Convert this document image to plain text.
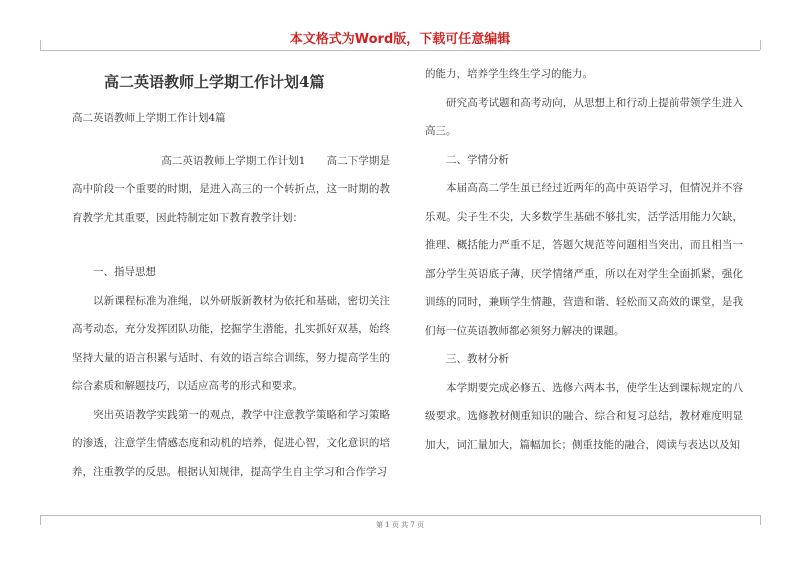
本文格式为Word版，下载可任意编辑

高二英语教师上学期工作计划4篇

高二英语教师上学期工作计划4篇

高二英语教师上学期工作计划1　　高二下学期是高中阶段一个重要的时期，是进入高三的一个转折点，这一时期的教育教学尤其重要，因此特制定如下教育教学计划：

一、指导思想

以新课程标准为准绳，以外研版新教材为依托和基础，密切关注高考动态，充分发挥团队功能，挖掘学生潜能，扎实抓好双基，始终坚持大量的语言积累与适时、有效的语言综合训练，努力提高学生的综合素质和解题技巧，以适应高考的形式和要求。

突出英语教学实践第一的观点，教学中注意教学策略和学习策略的渗透，注意学生情感态度和动机的培养，促进心智，文化意识的培养，注重教学的反思。根据认知规律，提高学生自主学习和合作学习

的能力，培养学生终生学习的能力。

研究高考试题和高考动向，从思想上和行动上提前带领学生进入高三。

二、学情分析

本届高高二学生虽已经过近两年的高中英语学习，但情况并不容乐观。尖子生不尖，大多数学生基础不够扎实，活学活用能力欠缺，推理、概括能力严重不足，答题欠规范等问题相当突出，而且相当一部分学生英语底子薄，厌学情绪严重，所以在对学生全面抓紧，强化训练的同时，兼顾学生情趣，营造和谐、轻松而又高效的课堂，是我们每一位英语教师都必须努力解决的课题。

三、教材分析

本学期要完成必修五、选修六两本书，使学生达到课标规定的八级要求。选修教材侧重知识的融合、综合和复习总结，教材难度明显加大，词汇量加大，篇幅加长；侧重技能的融合，阅读与表达以及知

第 1 页 共 7 页
